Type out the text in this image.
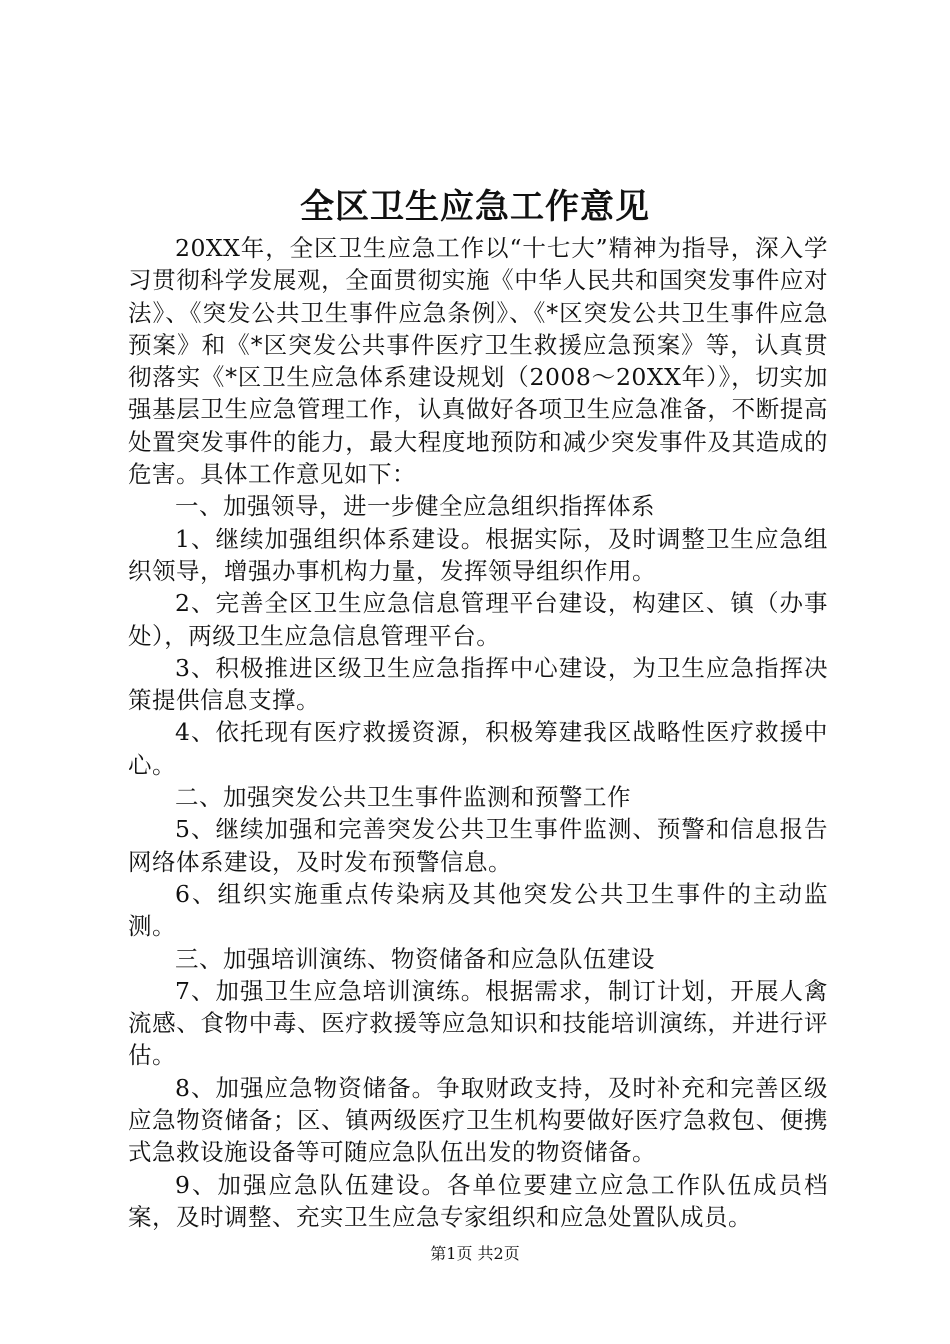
全区卫生应急工作意见

20XX年，全区卫生应急工作以“十七大”精神为指导，深入学习贯彻科学发展观，全面贯彻实施《中华人民共和国突发事件应对法》、《突发公共卫生事件应急条例》、《*区突发公共卫生事件应急预案》和《*区突发公共事件医疗卫生救援应急预案》等，认真贯彻落实《*区卫生应急体系建设规划（2008～20XX年）》，切实加强基层卫生应急管理工作，认真做好各项卫生应急准备，不断提高处置突发事件的能力，最大程度地预防和减少突发事件及其造成的危害。具体工作意见如下：

一、加强领导，进一步健全应急组织指挥体系

1、继续加强组织体系建设。根据实际，及时调整卫生应急组织领导，增强办事机构力量，发挥领导组织作用。

2、完善全区卫生应急信息管理平台建设，构建区、镇（办事处），两级卫生应急信息管理平台。

3、积极推进区级卫生应急指挥中心建设，为卫生应急指挥决策提供信息支撑。

4、依托现有医疗救援资源，积极筹建我区战略性医疗救援中心。

二、加强突发公共卫生事件监测和预警工作

5、继续加强和完善突发公共卫生事件监测、预警和信息报告网络体系建设，及时发布预警信息。

6、组织实施重点传染病及其他突发公共卫生事件的主动监测。

三、加强培训演练、物资储备和应急队伍建设

7、加强卫生应急培训演练。根据需求，制订计划，开展人禽流感、食物中毒、医疗救援等应急知识和技能培训演练，并进行评估。

8、加强应急物资储备。争取财政支持，及时补充和完善区级应急物资储备；区、镇两级医疗卫生机构要做好医疗急救包、便携式急救设施设备等可随应急队伍出发的物资储备。

9、加强应急队伍建设。各单位要建立应急工作队伍成员档案，及时调整、充实卫生应急专家组织和应急处置队成员。

第1页 共2页
